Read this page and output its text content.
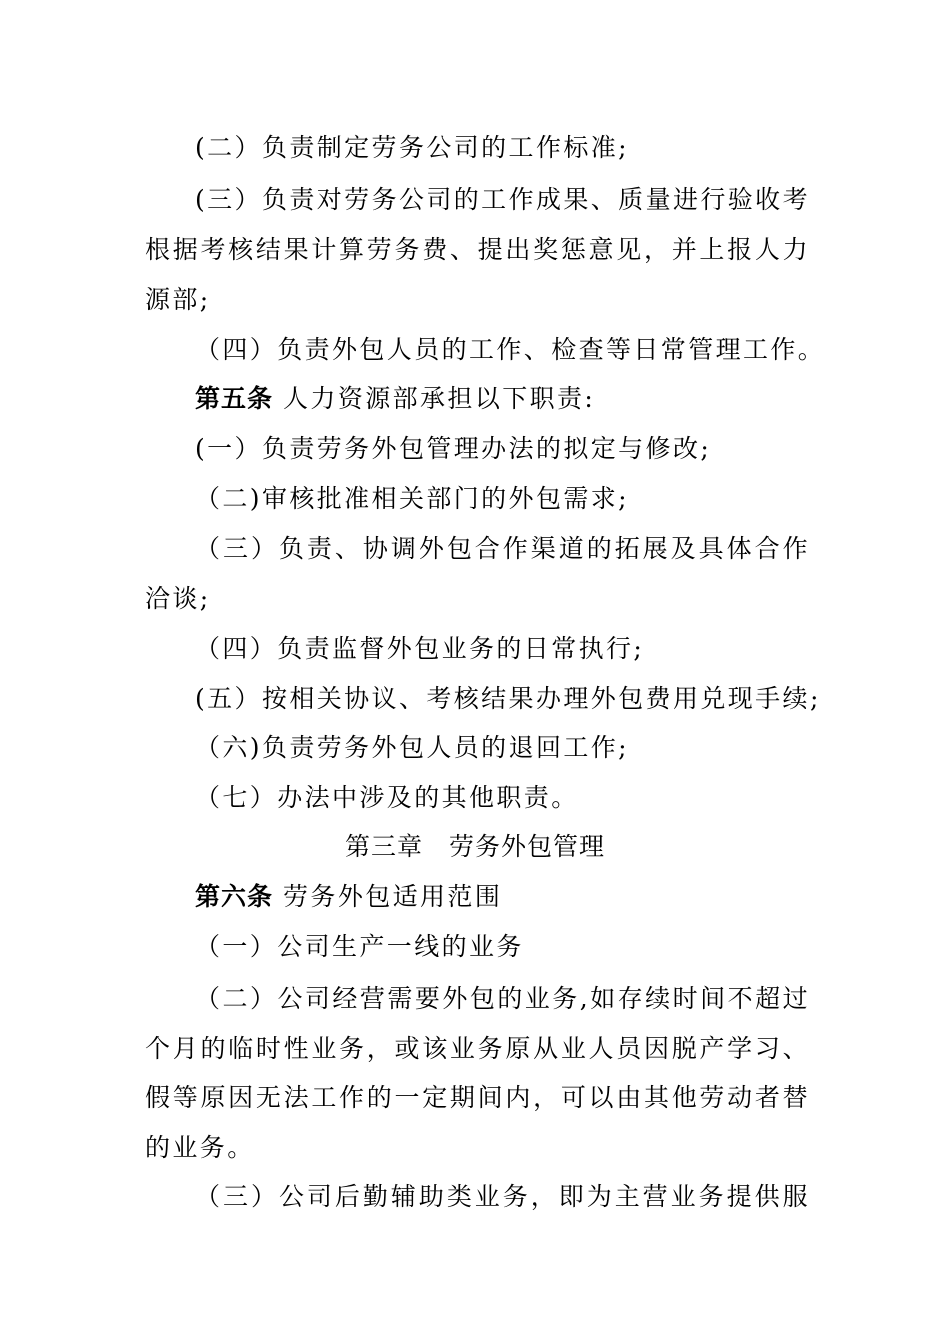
(二）负责制定劳务公司的工作标准;
(三）负责对劳务公司的工作成果、质量进行验收考
根据考核结果计算劳务费、提出奖惩意见，并上报人力
源部;
（四）负责外包人员的工作、检查等日常管理工作。
第五条 人力资源部承担以下职责:
(一）负责劳务外包管理办法的拟定与修改;
（二)审核批准相关部门的外包需求;
（三）负责、协调外包合作渠道的拓展及具体合作
洽谈;
（四）负责监督外包业务的日常执行;
(五）按相关协议、考核结果办理外包费用兑现手续;
（六)负责劳务外包人员的退回工作;
（七）办法中涉及的其他职责。
第三章　劳务外包管理
第六条 劳务外包适用范围
（一）公司生产一线的业务
（二）公司经营需要外包的业务,如存续时间不超过
个月的临时性业务，或该业务原从业人员因脱产学习、
假等原因无法工作的一定期间内，可以由其他劳动者替
的业务。
（三）公司后勤辅助类业务，即为主营业务提供服
